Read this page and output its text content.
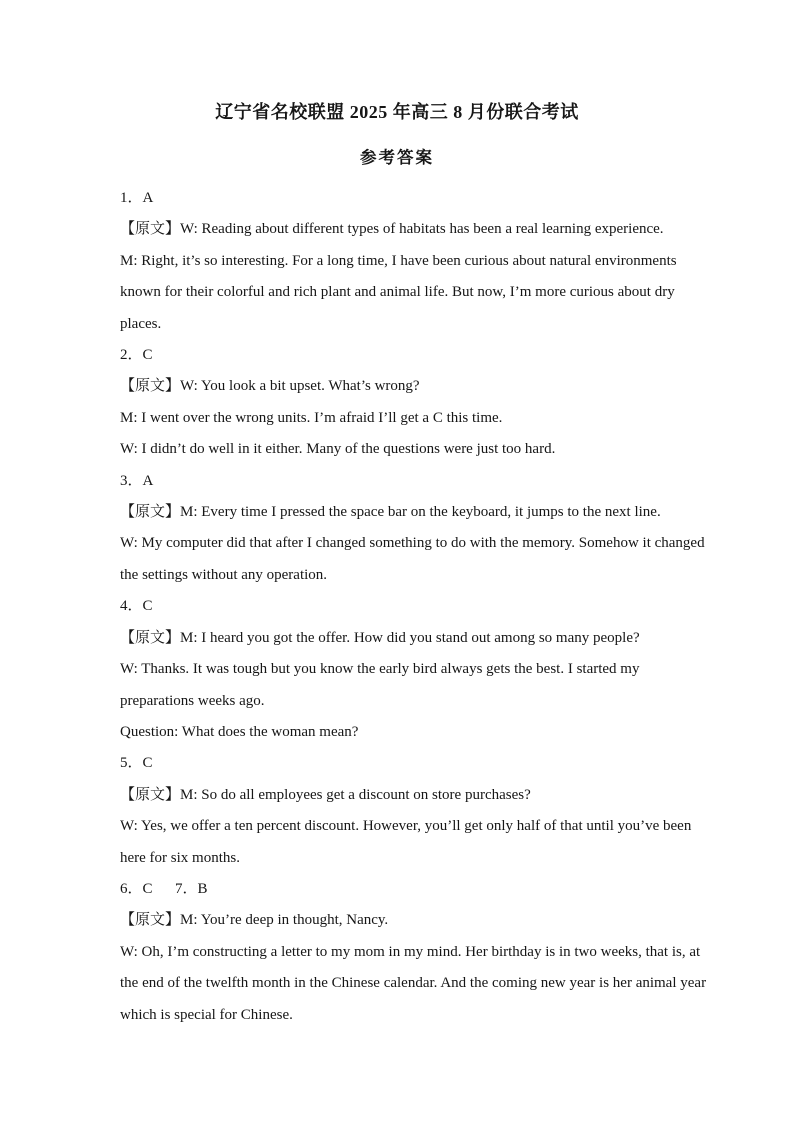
辽宁省名校联盟 2025 年高三 8 月份联合考试
参考答案
1．A
【原文】W: Reading about different types of habitats has been a real learning experience.
M: Right, it’s so interesting. For a long time, I have been curious about natural environments
known for their colorful and rich plant and animal life. But now, I’m more curious about dry
places.
2．C
【原文】W: You look a bit upset. What’s wrong?
M: I went over the wrong units. I’m afraid I’ll get a C this time.
W: I didn’t do well in it either. Many of the questions were just too hard.
3．A
【原文】M: Every time I pressed the space bar on the keyboard, it jumps to the next line.
W: My computer did that after I changed something to do with the memory. Somehow it changed
the settings without any operation.
4．C
【原文】M: I heard you got the offer. How did you stand out among so many people?
W: Thanks. It was tough but you know the early bird always gets the best. I started my
preparations weeks ago.
Question: What does the woman mean?
5．C
【原文】M: So do all employees get a discount on store purchases?
W: Yes, we offer a ten percent discount. However, you’ll get only half of that until you’ve been
here for six months.
6．C      7．B
【原文】M: You’re deep in thought, Nancy.
W: Oh, I’m constructing a letter to my mom in my mind. Her birthday is in two weeks, that is, at
the end of the twelfth month in the Chinese calendar. And the coming new year is her animal year
which is special for Chinese.
